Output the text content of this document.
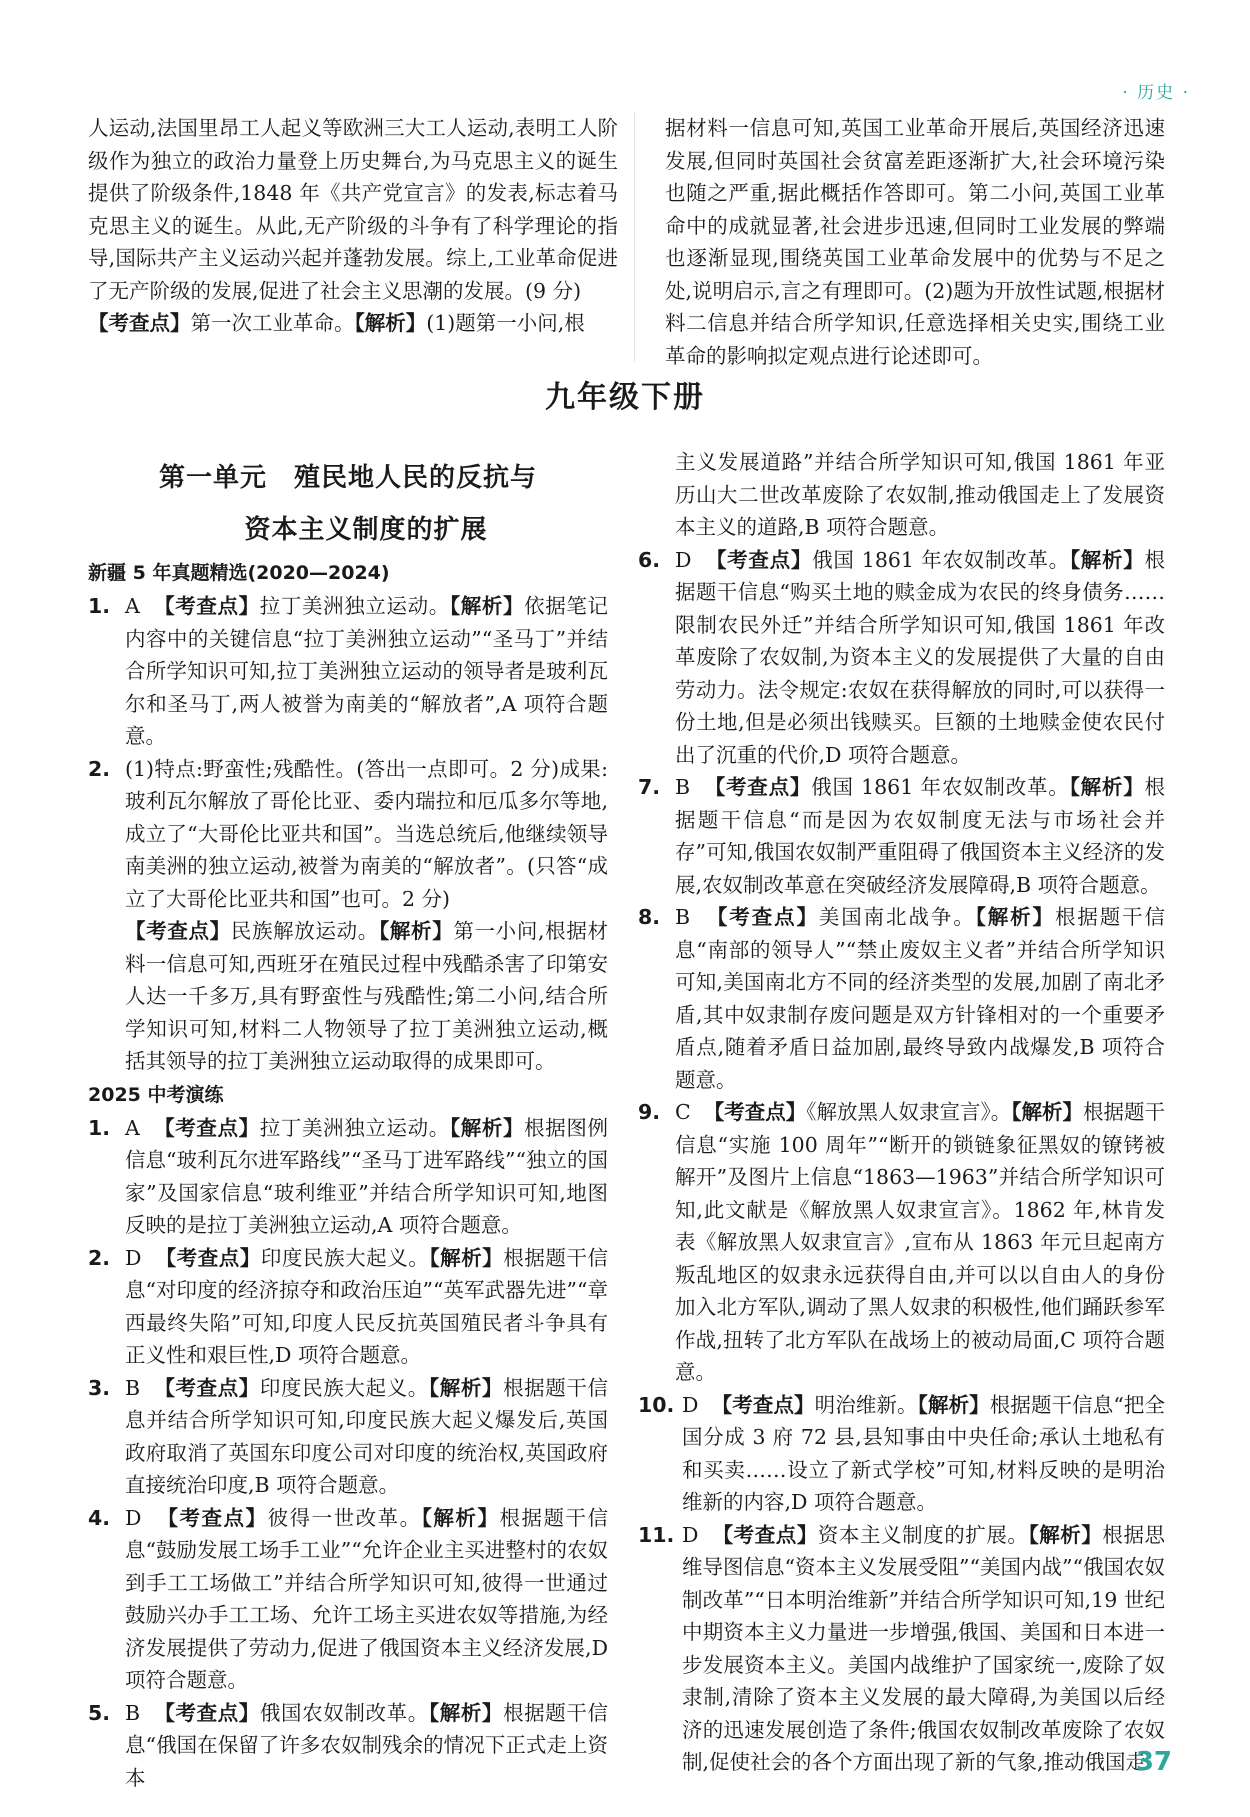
· 历史 ·

人运动,法国里昂工人起义等欧洲三大工人运动,表明工人阶级作为独立的政治力量登上历史舞台,为马克思主义的诞生提供了阶级条件,1848 年《共产党宣言》的发表,标志着马克思主义的诞生。从此,无产阶级的斗争有了科学理论的指导,国际共产主义运动兴起并蓬勃发展。综上,工业革命促进了无产阶级的发展,促进了社会主义思潮的发展。(9 分)

【考查点】第一次工业革命。【解析】(1)题第一小问,根

据材料一信息可知,英国工业革命开展后,英国经济迅速发展,但同时英国社会贫富差距逐渐扩大,社会环境污染也随之严重,据此概括作答即可。第二小问,英国工业革命中的成就显著,社会进步迅速,但同时工业发展的弊端也逐渐显现,围绕英国工业革命发展中的优势与不足之处,说明启示,言之有理即可。(2)题为开放性试题,根据材料二信息并结合所学知识,任意选择相关史实,围绕工业革命的影响拟定观点进行论述即可。

九年级下册
第一单元　殖民地人民的反抗与
资本主义制度的扩展
新疆 5 年真题精选(2020—2024)
1. A 【考查点】拉丁美洲独立运动。【解析】依据笔记内容中的关键信息“拉丁美洲独立运动”“圣马丁”并结合所学知识可知,拉丁美洲独立运动的领导者是玻利瓦尔和圣马丁,两人被誉为南美的“解放者”,A 项符合题意。
2. (1)特点:野蛮性;残酷性。(答出一点即可。2 分)成果:玻利瓦尔解放了哥伦比亚、委内瑞拉和厄瓜多尔等地,成立了“大哥伦比亚共和国”。当选总统后,他继续领导南美洲的独立运动,被誉为南美的“解放者”。(只答“成立了大哥伦比亚共和国”也可。2 分)
【考查点】民族解放运动。【解析】第一小问,根据材料一信息可知,西班牙在殖民过程中残酷杀害了印第安人达一千多万,具有野蛮性与残酷性;第二小问,结合所学知识可知,材料二人物领导了拉丁美洲独立运动,概括其领导的拉丁美洲独立运动取得的成果即可。
2025 中考演练
1. A 【考查点】拉丁美洲独立运动。【解析】根据图例信息“玻利瓦尔进军路线”“圣马丁进军路线”“独立的国家”及国家信息“玻利维亚”并结合所学知识可知,地图反映的是拉丁美洲独立运动,A 项符合题意。
2. D 【考查点】印度民族大起义。【解析】根据题干信息“对印度的经济掠夺和政治压迫”“英军武器先进”“章西最终失陷”可知,印度人民反抗英国殖民者斗争具有正义性和艰巨性,D 项符合题意。
3. B 【考查点】印度民族大起义。【解析】根据题干信息并结合所学知识可知,印度民族大起义爆发后,英国政府取消了英国东印度公司对印度的统治权,英国政府直接统治印度,B 项符合题意。
4. D 【考查点】彼得一世改革。【解析】根据题干信息“鼓励发展工场手工业”“允许企业主买进整村的农奴到手工工场做工”并结合所学知识可知,彼得一世通过鼓励兴办手工工场、允许工场主买进农奴等措施,为经济发展提供了劳动力,促进了俄国资本主义经济发展,D 项符合题意。
5. B 【考查点】俄国农奴制改革。【解析】根据题干信息“俄国在保留了许多农奴制残余的情况下正式走上资本
主义发展道路”并结合所学知识可知,俄国 1861 年亚历山大二世改革废除了农奴制,推动俄国走上了发展资本主义的道路,B 项符合题意。
6. D 【考查点】俄国 1861 年农奴制改革。【解析】根据题干信息“购买土地的赎金成为农民的终身债务……限制农民外迁”并结合所学知识可知,俄国 1861 年改革废除了农奴制,为资本主义的发展提供了大量的自由劳动力。法令规定:农奴在获得解放的同时,可以获得一份土地,但是必须出钱赎买。巨额的土地赎金使农民付出了沉重的代价,D 项符合题意。
7. B 【考查点】俄国 1861 年农奴制改革。【解析】根据题干信息“而是因为农奴制度无法与市场社会并存”可知,俄国农奴制严重阻碍了俄国资本主义经济的发展,农奴制改革意在突破经济发展障碍,B 项符合题意。
8. B 【考查点】美国南北战争。【解析】根据题干信息“南部的领导人”“禁止废奴主义者”并结合所学知识可知,美国南北方不同的经济类型的发展,加剧了南北矛盾,其中奴隶制存废问题是双方针锋相对的一个重要矛盾点,随着矛盾日益加剧,最终导致内战爆发,B 项符合题意。
9. C 【考查点】《解放黑人奴隶宣言》。【解析】根据题干信息“实施 100 周年”“断开的锁链象征黑奴的镣铐被解开”及图片上信息“1863—1963”并结合所学知识可知,此文献是《解放黑人奴隶宣言》。1862 年,林肯发表《解放黑人奴隶宣言》,宣布从 1863 年元旦起南方叛乱地区的奴隶永远获得自由,并可以以自由人的身份加入北方军队,调动了黑人奴隶的积极性,他们踊跃参军作战,扭转了北方军队在战场上的被动局面,C 项符合题意。
10. D 【考查点】明治维新。【解析】根据题干信息“把全国分成 3 府 72 县,县知事由中央任命;承认土地私有和买卖……设立了新式学校”可知,材料反映的是明治维新的内容,D 项符合题意。
11. D 【考查点】资本主义制度的扩展。【解析】根据思维导图信息“资本主义发展受阻”“美国内战”“俄国农奴制改革”“日本明治维新”并结合所学知识可知,19 世纪中期资本主义力量进一步增强,俄国、美国和日本进一步发展资本主义。美国内战维护了国家统一,废除了奴隶制,清除了资本主义发展的最大障碍,为美国以后经济的迅速发展创造了条件;俄国农奴制改革废除了农奴制,促使社会的各个方面出现了新的气象,推动俄国走
37
